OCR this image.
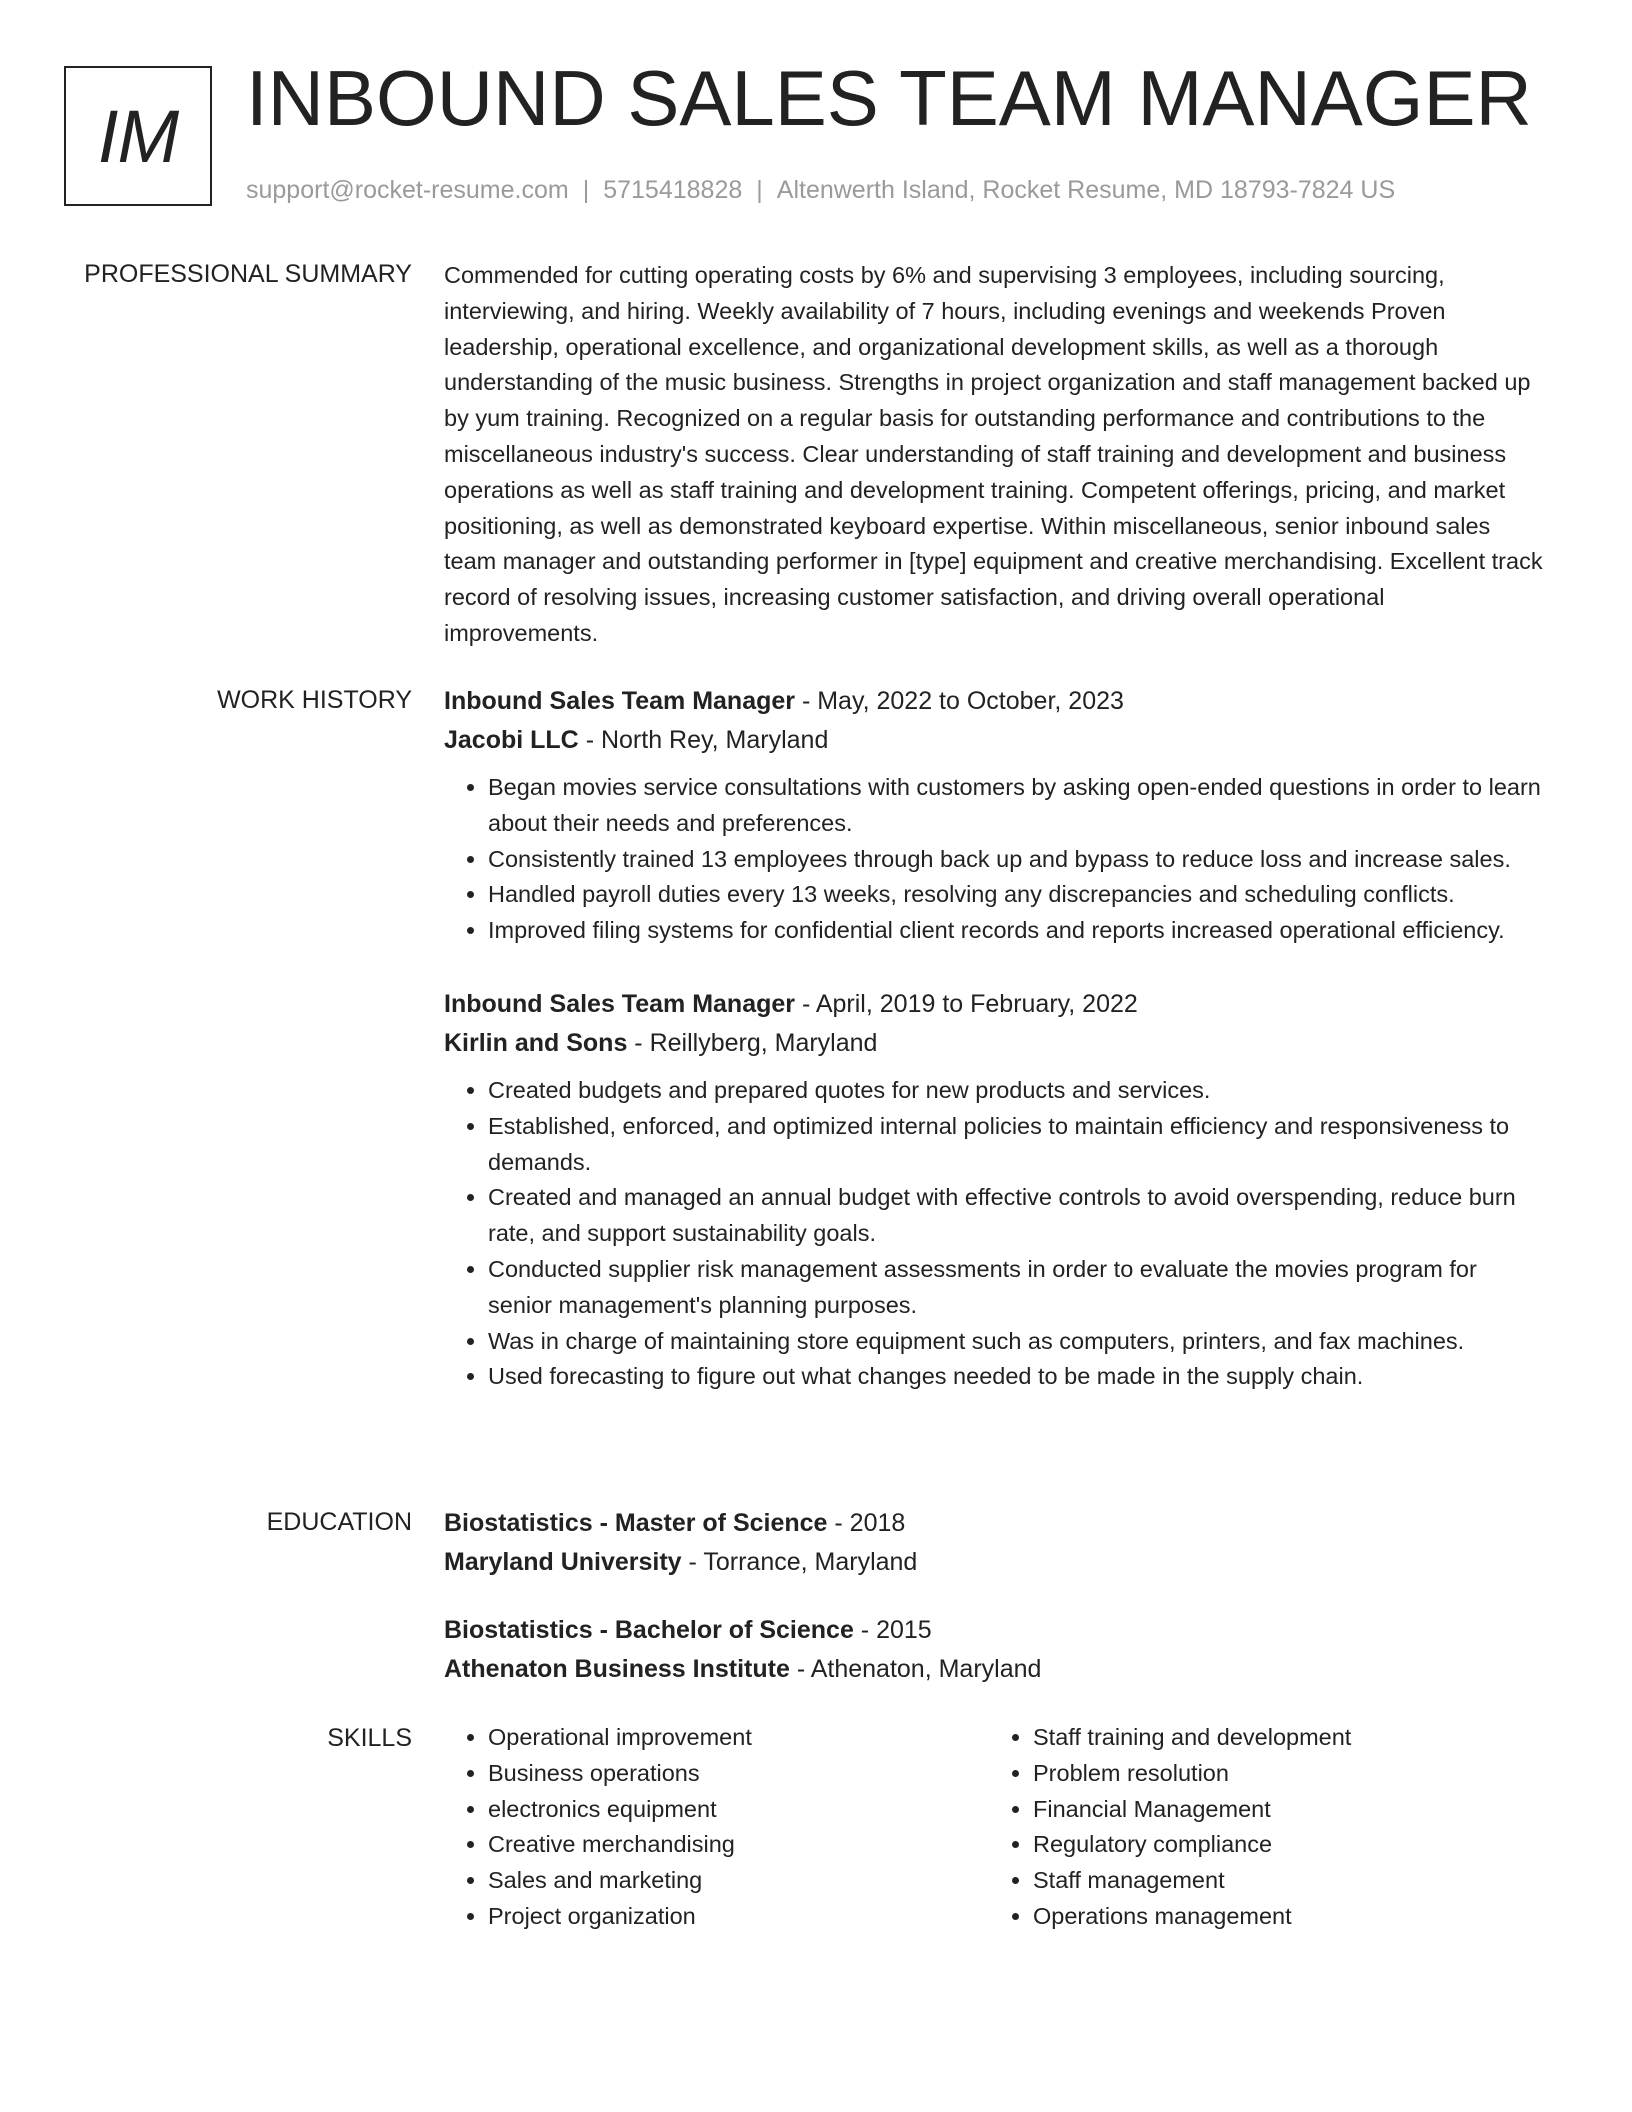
IM INBOUND SALES TEAM MANAGER
support@rocket-resume.com | 5715418828 | Altenwerth Island, Rocket Resume, MD 18793-7824 US
PROFESSIONAL SUMMARY Commended for cutting operating costs by 6% and supervising 3 employees, including sourcing, interviewing, and hiring. Weekly availability of 7 hours, including evenings and weekends Proven leadership, operational excellence, and organizational development skills, as well as a thorough understanding of the music business. Strengths in project organization and staff management backed up by yum training. Recognized on a regular basis for outstanding performance and contributions to the miscellaneous industry's success. Clear understanding of staff training and development and business operations as well as staff training and development training. Competent offerings, pricing, and market positioning, as well as demonstrated keyboard expertise. Within miscellaneous, senior inbound sales team manager and outstanding performer in [type] equipment and creative merchandising. Excellent track record of resolving issues, increasing customer satisfaction, and driving overall operational improvements.

WORK HISTORY Inbound Sales Team Manager - May, 2022 to October, 2023
Jacobi LLC - North Rey, Maryland
• Began movies service consultations with customers by asking open-ended questions in order to learn about their needs and preferences.
• Consistently trained 13 employees through back up and bypass to reduce loss and increase sales.
• Handled payroll duties every 13 weeks, resolving any discrepancies and scheduling conflicts.
• Improved filing systems for confidential client records and reports increased operational efficiency.
Inbound Sales Team Manager - April, 2019 to February, 2022
Kirlin and Sons - Reillyberg, Maryland
• Created budgets and prepared quotes for new products and services.
• Established, enforced, and optimized internal policies to maintain efficiency and responsiveness to demands.
• Created and managed an annual budget with effective controls to avoid overspending, reduce burn rate, and support sustainability goals.
• Conducted supplier risk management assessments in order to evaluate the movies program for senior management's planning purposes.
• Was in charge of maintaining store equipment such as computers, printers, and fax machines.
• Used forecasting to figure out what changes needed to be made in the supply chain.
EDUCATION Biostatistics - Master of Science - 2018
Maryland University - Torrance, Maryland
Biostatistics - Bachelor of Science - 2015
Athenaton Business Institute - Athenaton, Maryland
SKILLS
•	Operational improvement
• Business operations
• electronics equipment
• Creative merchandising
• Sales and marketing
• Project organization
• Staff training and development
• Problem resolution
• Financial Management
• Regulatory compliance
• Staff management
• Operations management
